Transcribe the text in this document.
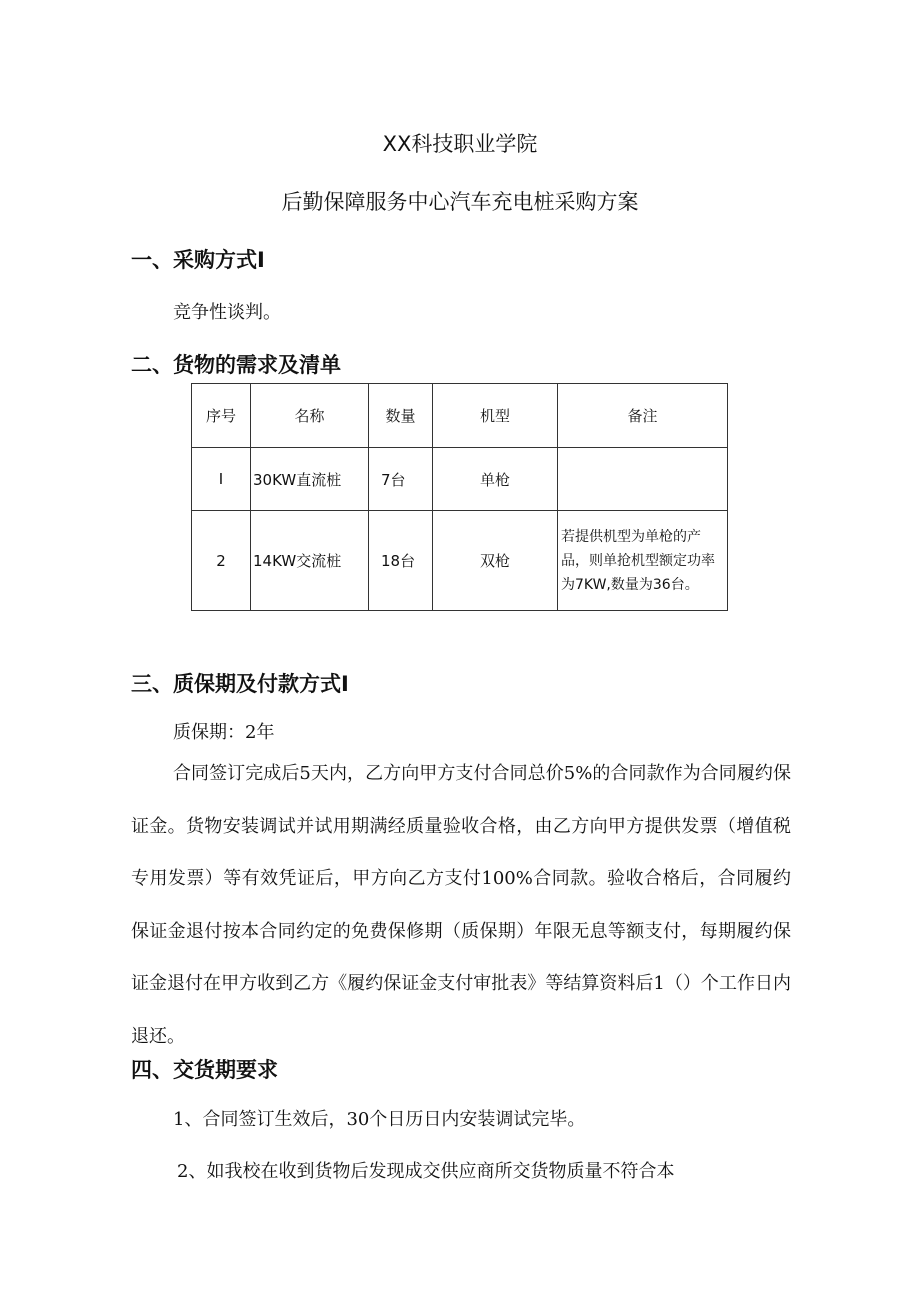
XX科技职业学院
后勤保障服务中心汽车充电桩采购方案
一、采购方式I
竞争性谈判。
二、货物的需求及清单
序号	名称	数量	机型	备注
I	30KW直流桩	7台	单枪	
2	14KW交流桩	18台	双枪	若提供机型为单枪的产品，则单抢机型额定功率为7KW,数量为36台。
三、质保期及付款方式I
质保期：2年
合同签订完成后5天内，乙方向甲方支付合同总价5%的合同款作为合同履约保证金。货物安装调试并试用期满经质量验收合格，由乙方向甲方提供发票（增值税专用发票）等有效凭证后，甲方向乙方支付100%合同款。验收合格后，合同履约保证金退付按本合同约定的免费保修期（质保期）年限无息等额支付，每期履约保证金退付在甲方收到乙方《履约保证金支付审批表》等结算资料后1（）个工作日内退还。
四、交货期要求
1、合同签订生效后，30个日历日内安装调试完毕。
2、如我校在收到货物后发现成交供应商所交货物质量不符合本
